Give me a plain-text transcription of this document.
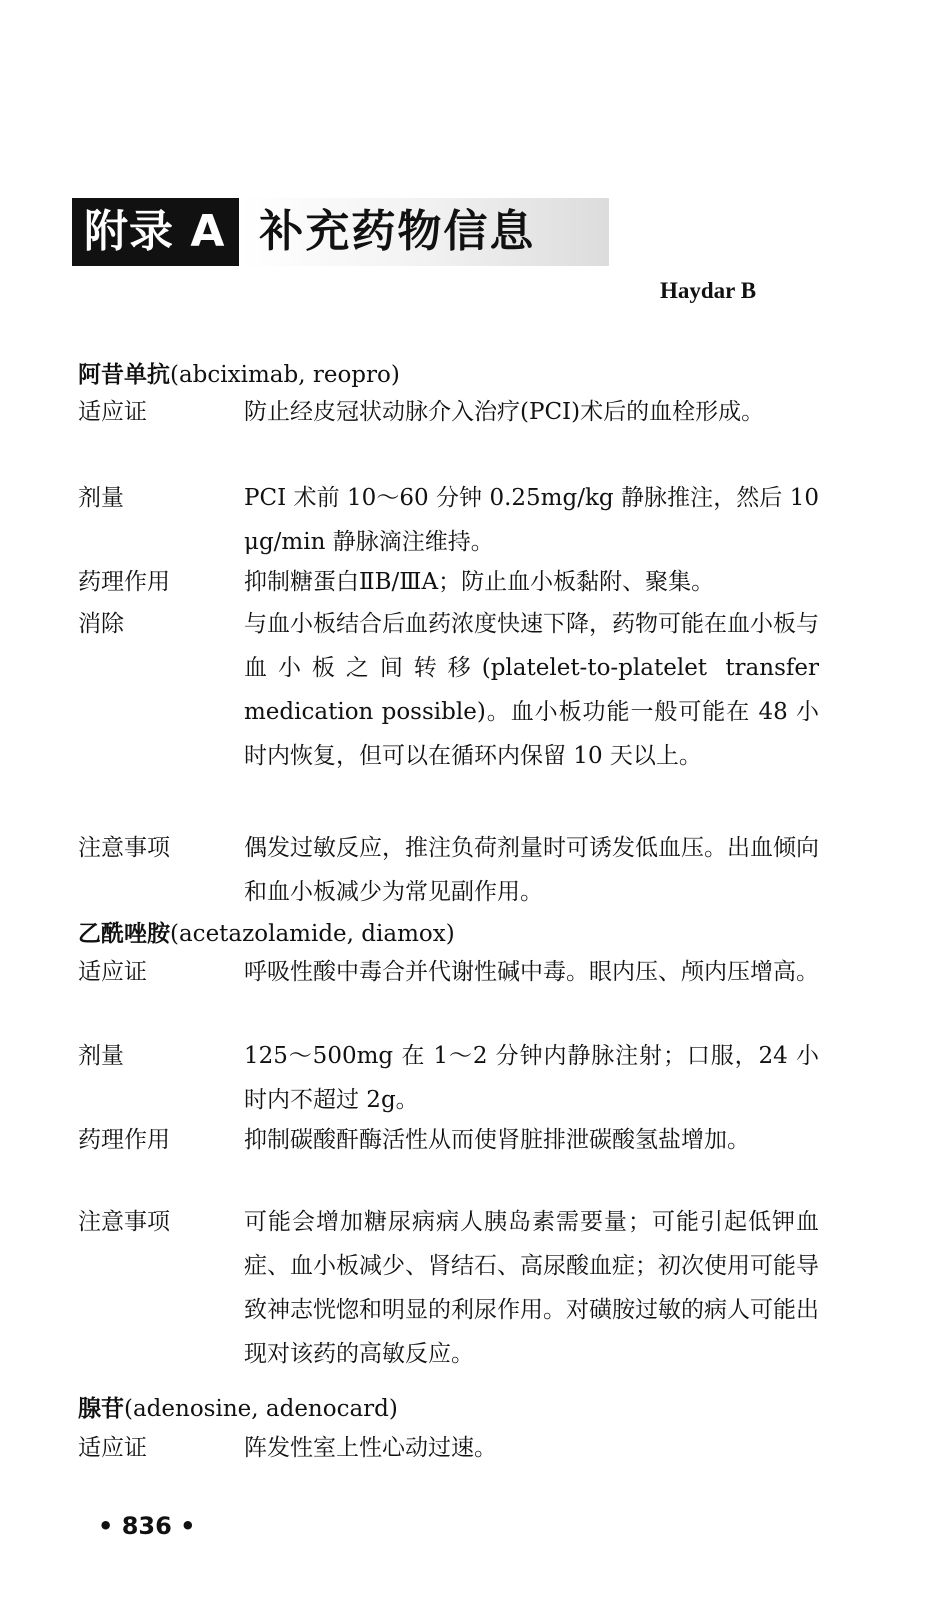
附录 A 补充药物信息
Haydar B
阿昔单抗(abciximab, reopro)
适应证	防止经皮冠状动脉介入治疗(PCI)术后的血栓形成。
剂量	PCI 术前 10～60 分钟 0.25mg/kg 静脉推注，然后 10 μg/min 静脉滴注维持。
药理作用	抑制糖蛋白ⅡB/ⅢA；防止血小板黏附、聚集。
消除	与血小板结合后血药浓度快速下降，药物可能在血小板与血小板之间转移(platelet-to-platelet transfer medication possible)。血小板功能一般可能在 48 小时内恢复，但可以在循环内保留 10 天以上。
注意事项	偶发过敏反应，推注负荷剂量时可诱发低血压。出血倾向和血小板减少为常见副作用。
乙酰唑胺(acetazolamide, diamox)
适应证	呼吸性酸中毒合并代谢性碱中毒。眼内压、颅内压增高。
剂量	125～500mg 在 1～2 分钟内静脉注射；口服，24 小时内不超过 2g。
药理作用	抑制碳酸酐酶活性从而使肾脏排泄碳酸氢盐增加。
注意事项	可能会增加糖尿病病人胰岛素需要量；可能引起低钾血症、血小板减少、肾结石、高尿酸血症；初次使用可能导致神志恍惚和明显的利尿作用。对磺胺过敏的病人可能出现对该药的高敏反应。
腺苷(adenosine, adenocard)
适应证	阵发性室上性心动过速。
• 836 •
